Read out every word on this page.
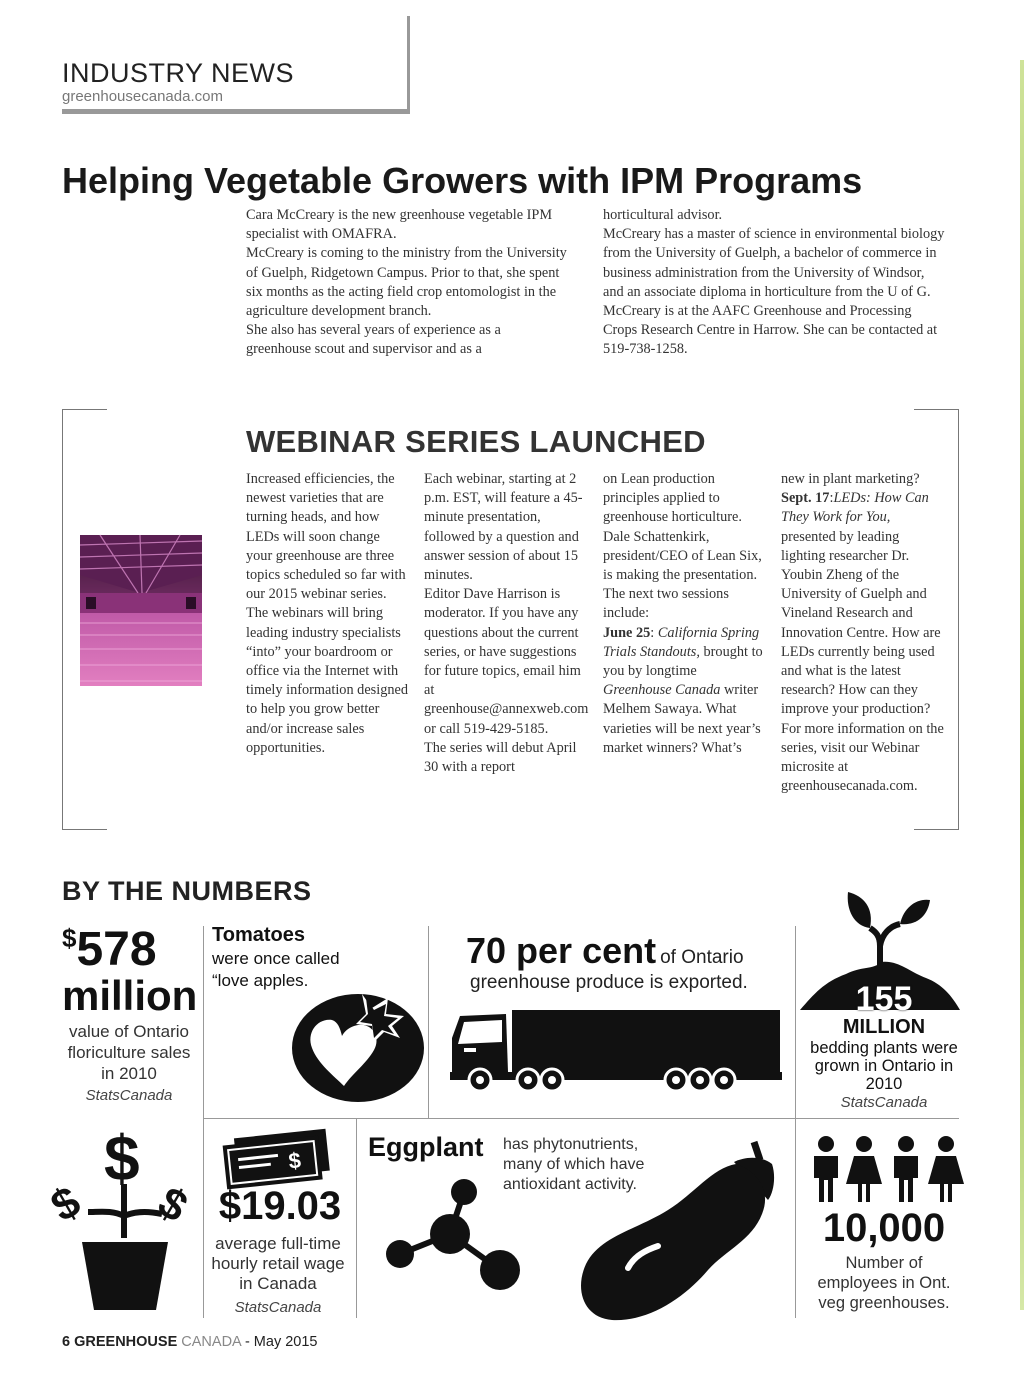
INDUSTRY NEWS
greenhousecanada.com
Helping Vegetable Growers with IPM Programs

Cara McCreary is the new greenhouse vegetable IPM specialist with OMAFRA.

McCreary is coming to the ministry from the University of Guelph, Ridgetown Campus. Prior to that, she spent six months as the acting field crop entomologist in the agriculture development branch.

She also has several years of experience as a greenhouse scout and supervisor and as a

horticultural advisor.

McCreary has a master of science in environmental biology from the University of Guelph, a bachelor of commerce in business administration from the University of Windsor, and an associate diploma in horticulture from the U of G.

McCreary is at the AAFC Greenhouse and Processing Crops Research Centre in Harrow. She can be contacted at 519-738-1258.

WEBINAR SERIES LAUNCHED

Increased efficiencies, the newest varieties that are turning heads, and how LEDs will soon change your greenhouse are three topics scheduled so far with our 2015 webinar series.

The webinars will bring leading industry specialists “into” your boardroom or office via the Internet with timely information designed to help you grow better and/or increase sales opportunities.

Each webinar, starting at 2 p.m. EST, will feature a 45-minute presentation, followed by a question and answer session of about 15 minutes.

Editor Dave Harrison is moderator. If you have any questions about the current series, or have suggestions for future topics, email him at greenhouse@annexweb.com or call 519-429-5185.

The series will debut April 30 with a report

on Lean production principles applied to greenhouse horticulture. Dale Schattenkirk, president/CEO of Lean Six, is making the presentation.

The next two sessions include:

June 25: California Spring Trials Standouts, brought to you by longtime Greenhouse Canada writer Melhem Sawaya. What varieties will be next year’s market winners? What’s

new in plant marketing?

Sept. 17:LEDs: How Can They Work for You, presented by leading lighting researcher Dr. Youbin Zheng of the University of Guelph and Vineland Research and Innovation Centre. How are LEDs currently being used and what is the latest research? How can they improve your production?

For more information on the series, visit our Webinar microsite at greenhousecanada.com.

BY THE NUMBERS
$578
million
value of Ontario floriculture sales in 2010
StatsCanada
Tomatoes
were once called
“love apples.
70 per cent of Ontario
greenhouse produce is exported.	155
MILLION
bedding plants were grown in Ontario in 2010
StatsCanada
$
$ $
$
$19.03
average full-time hourly retail wage in Canada
StatsCanada
Eggplant has phytonutrients, many of which have antioxidant activity.
10,000
Number of employees in Ont. veg greenhouses.
6 GREENHOUSE CANADA - May 2015
